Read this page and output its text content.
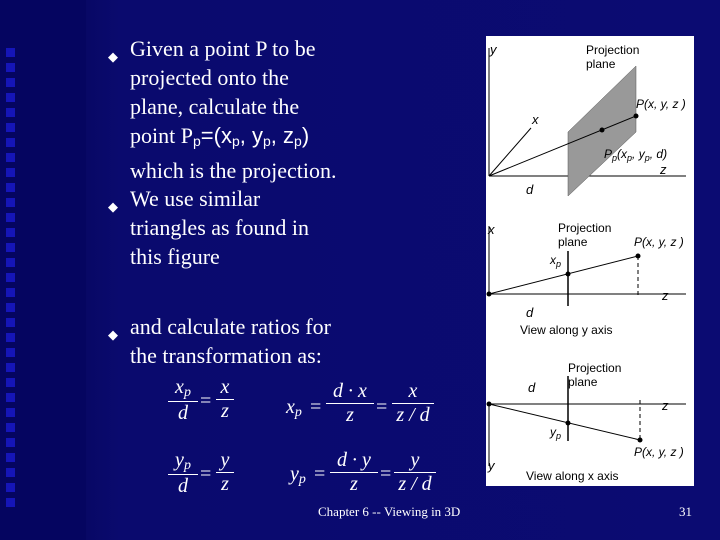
◆ Given a point P to be
projected onto the
plane, calculate the
point $P_p=(x_p$, $y_p$, $z_p$)
which is the projection.
◆ We use similar
triangles as found in
this figure
◆ and calculate ratios for
the transformation as:
$\frac{x_p}{d} = \frac{x}{z}$	$x_p = \frac{d \cdot x}{z} = \frac{x}{z / d}$
$\frac{y_p}{d} = \frac{y}{z}$	$y_p = \frac{d \cdot y}{z} = \frac{y}{z / d}$
y	Projection
plane
x
P(x, y, z )
$P_p(x_p$, $y_p$, d)
z
d
x	Projection
plane	P(x, y, z )
$x_p$
z
d
View along y axis
Projection
plane
d
z
$y_p$
P(x, y, z )
y
View along x axis
Chapter 6 -- Viewing in 3D	31
